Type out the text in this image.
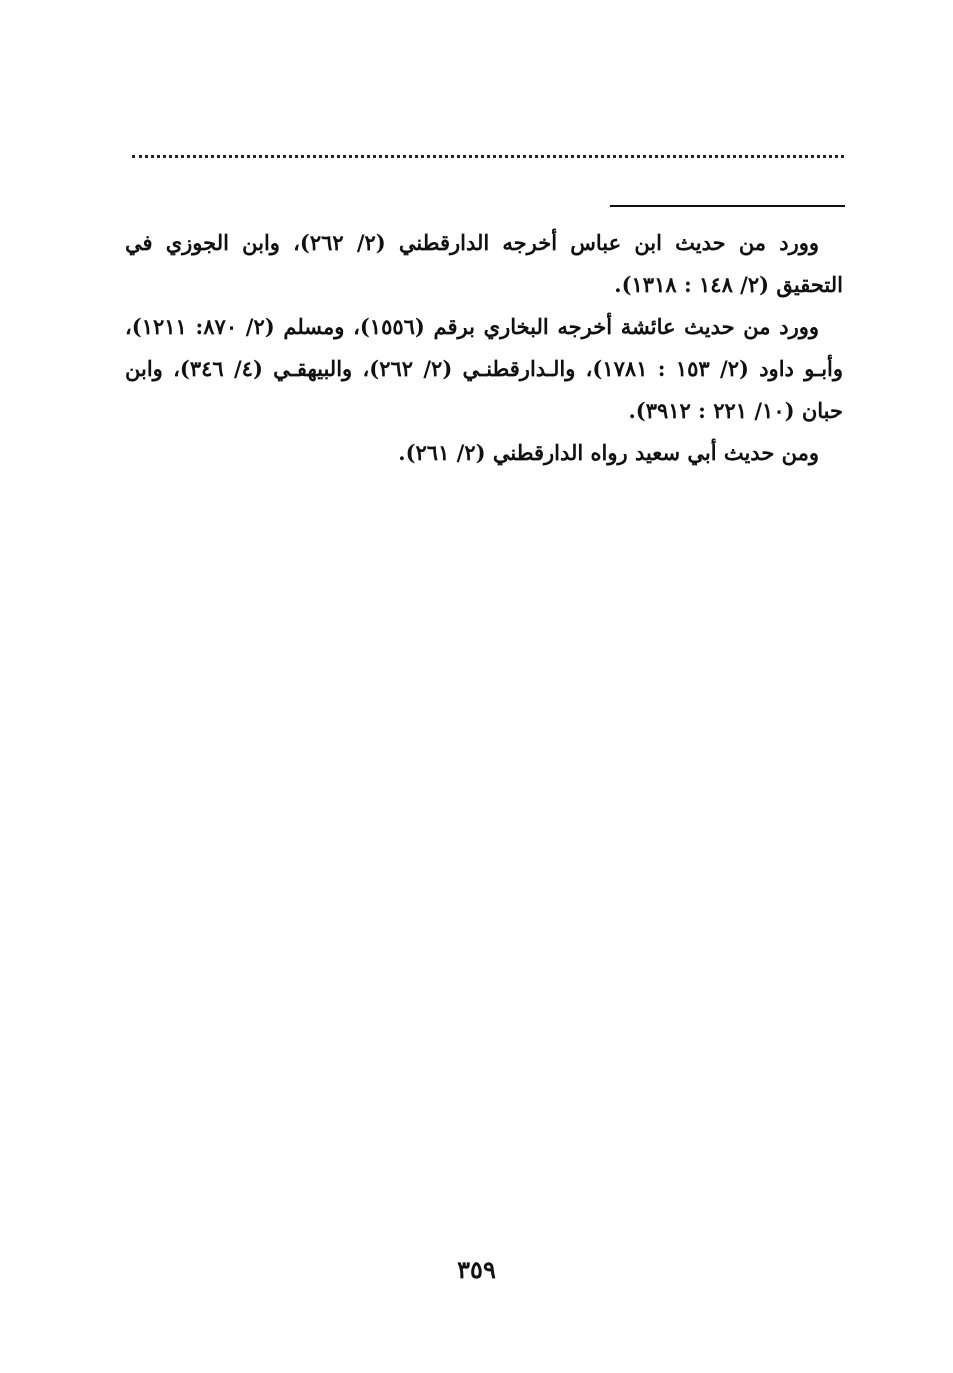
وورد من حديث ابن عباس أخرجه الدارقطني (٢/ ٢٦٢)، وابن الجوزي في التحقيق (٢/ ١٤٨ : ١٣١٨).

وورد من حديث عائشة أخرجه البخاري برقم (١٥٥٦)، ومسلم (٢/ ٨٧٠: ١٢١١)، وأبـو داود (٢/ ١٥٣ : ١٧٨١)، والـدارقطنـي (٢/ ٢٦٢)، والبيهقـي (٤/ ٣٤٦)، وابن حبان (١٠/ ٢٢١ : ٣٩١٢).

ومن حديث أبي سعيد رواه الدارقطني (٢/ ٢٦١).

٣٥٩
